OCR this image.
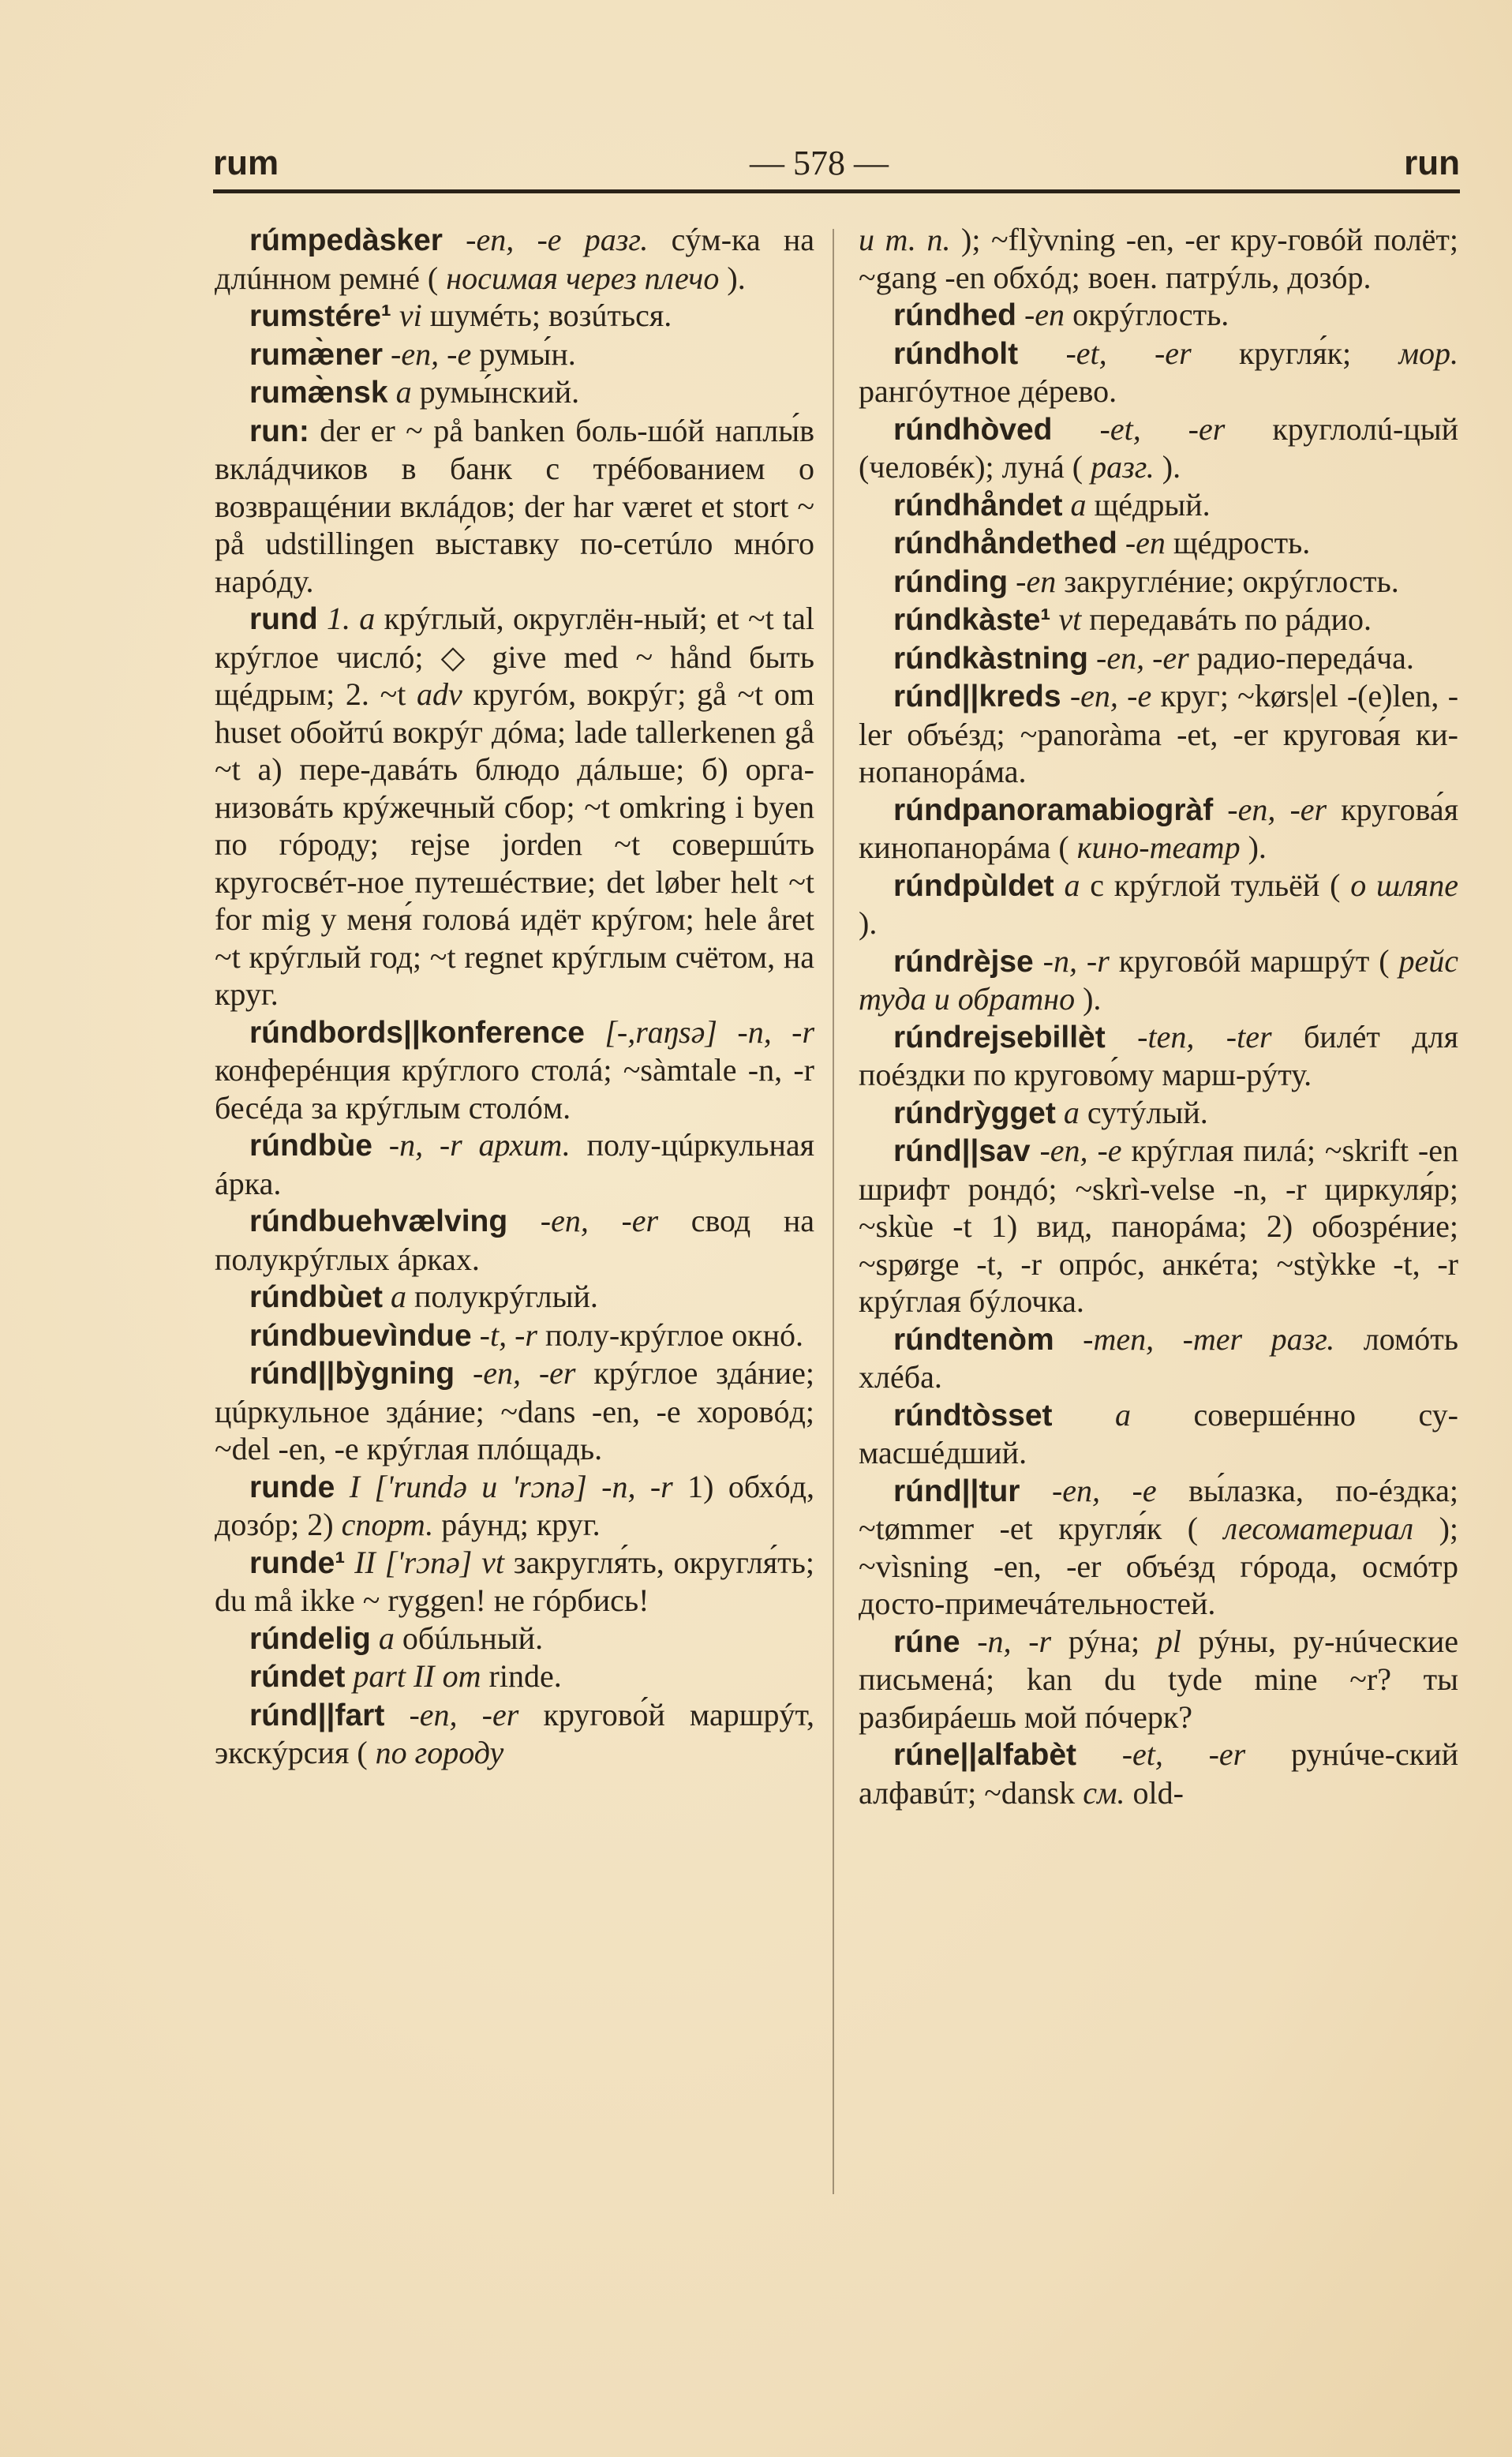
rum	— 578 —	run

rúmpedàsker -en, -e разг. сýм-ка на длúнном ремнé ( носимая через плечо ).

rumstére¹ vi шумéть; возúться.

rumæ̀ner -en, -e румы́н.

rumæ̀nsk a румы́нский.

run: der er ~ på banken боль-шóй наплы́в вклáдчиков в банк с трéбованием о возвращéнии вклáдов; der har været et stort ~ på udstillingen вы́ставку по-сетúло мнóго нарóду.

rund 1. a крýглый, округлён-ный; et ~t tal крýглое числó; ◇ give med ~ hånd быть щéдрым; 2. ~t adv кругóм, вокрýг; gå ~t om huset обойтú вокрýг дóма; lade tallerkenen gå ~t а) пере-давáть блюдо дáльше; б) орга-низовáть крýжечный сбор; ~t omkring i byen по гóроду; rejse jorden ~t совершúть кругосвéт-ное путешéствие; det løber helt ~t for mig у меня́ головá идёт крýгом; hele året ~t крýглый год; ~t regnet крýглым счётом, на круг.

rúndbords||konference [-,rɑŋsə] -n, -r конферéнция крýглого столá; ~sàmtale -n, -r бесéда за крýглым столóм.

rúndbùe -n, -r архит. полу-цúркульная áрка.

rúndbuehvælving -en, -er свод на полукрýглых áрках.

rúndbùet a полукрýглый.

rúndbuevìndue -t, -r полу-крýглое окнó.

rúnd||bỳgning -en, -er крýглое здáние; цúркульное здáние; ~dans -en, -e хоровóд; ~del -en, -e крýглая плóщадь.

runde I ['rundə u 'rɔnə] -n, -r 1) обхóд, дозóр; 2) спорт. рáунд; круг.

runde¹ II ['rɔnə] vt закругля́ть, округля́ть; du må ikke ~ ryggen! не гóрбись!

rúndelig a обúльный.

rúndet part II om rinde.

rúnd||fart -en, -er кругово́й маршрýт, экскýрсия ( по городу

и т. п. ); ~flỳvning -en, -er кру-говóй полёт; ~gang -en обхóд; воен. патрýль, дозóр.

rúndhed -en окрýглость.

rúndholt -et, -er кругля́к; мор. рангóутное дéрево.

rúndhòved -et, -er круглолú-цый (человéк); лунá ( разг. ).

rúndhåndet a щéдрый.

rúndhåndethed -en щéдрость.

rúnding -en закруглéние; окрýглость.

rúndkàste¹ vt передавáть по рáдио.

rúndkàstning -en, -er радио-передáча.

rúnd||kreds -en, -e круг; ~kørs|el -(e)len, -ler объéзд; ~panoràma -et, -er кругова́я ки-нопанорáма.

rúndpanoramabiogràf -en, -er кругова́я кинопанорáма ( кино-театр ).

rúndpùldet a с крýглой тульёй ( о шляпе ).

rúndrèjse -n, -r круговóй маршрýт ( рейс туда и обратно ).

rúndrejsebillèt -ten, -ter билéт для поéздки по кругово́му марш-рýту.

rúndrỳgget a сутýлый.

rúnd||sav -en, -e крýглая пилá; ~skrift -en шрифт рондó; ~skrì-velse -n, -r циркуля́р; ~skùe -t 1) вид, панорáма; 2) обозрéние; ~spørge -t, -r опрóс, анкéта; ~stỳkke -t, -r крýглая бýлочка.

rúndtenòm -men, -mer разг. ломóть хлéба.

rúndtòsset a совершéнно су-масшéдший.

rúnd||tur -en, -e вы́лазка, по-éздка; ~tømmer -et кругля́к ( лесоматериал ); ~vìsning -en, -er объéзд гóрода, осмóтр досто-примечáтельностей.

rúne -n, -r рýна; pl рýны, ру-нúческие письменá; kan du tyde mine ~r? ты разбирáешь мой пóчерк?

rúne||alfabèt -et, -er рунúче-ский алфавúт; ~dansk см. old-
